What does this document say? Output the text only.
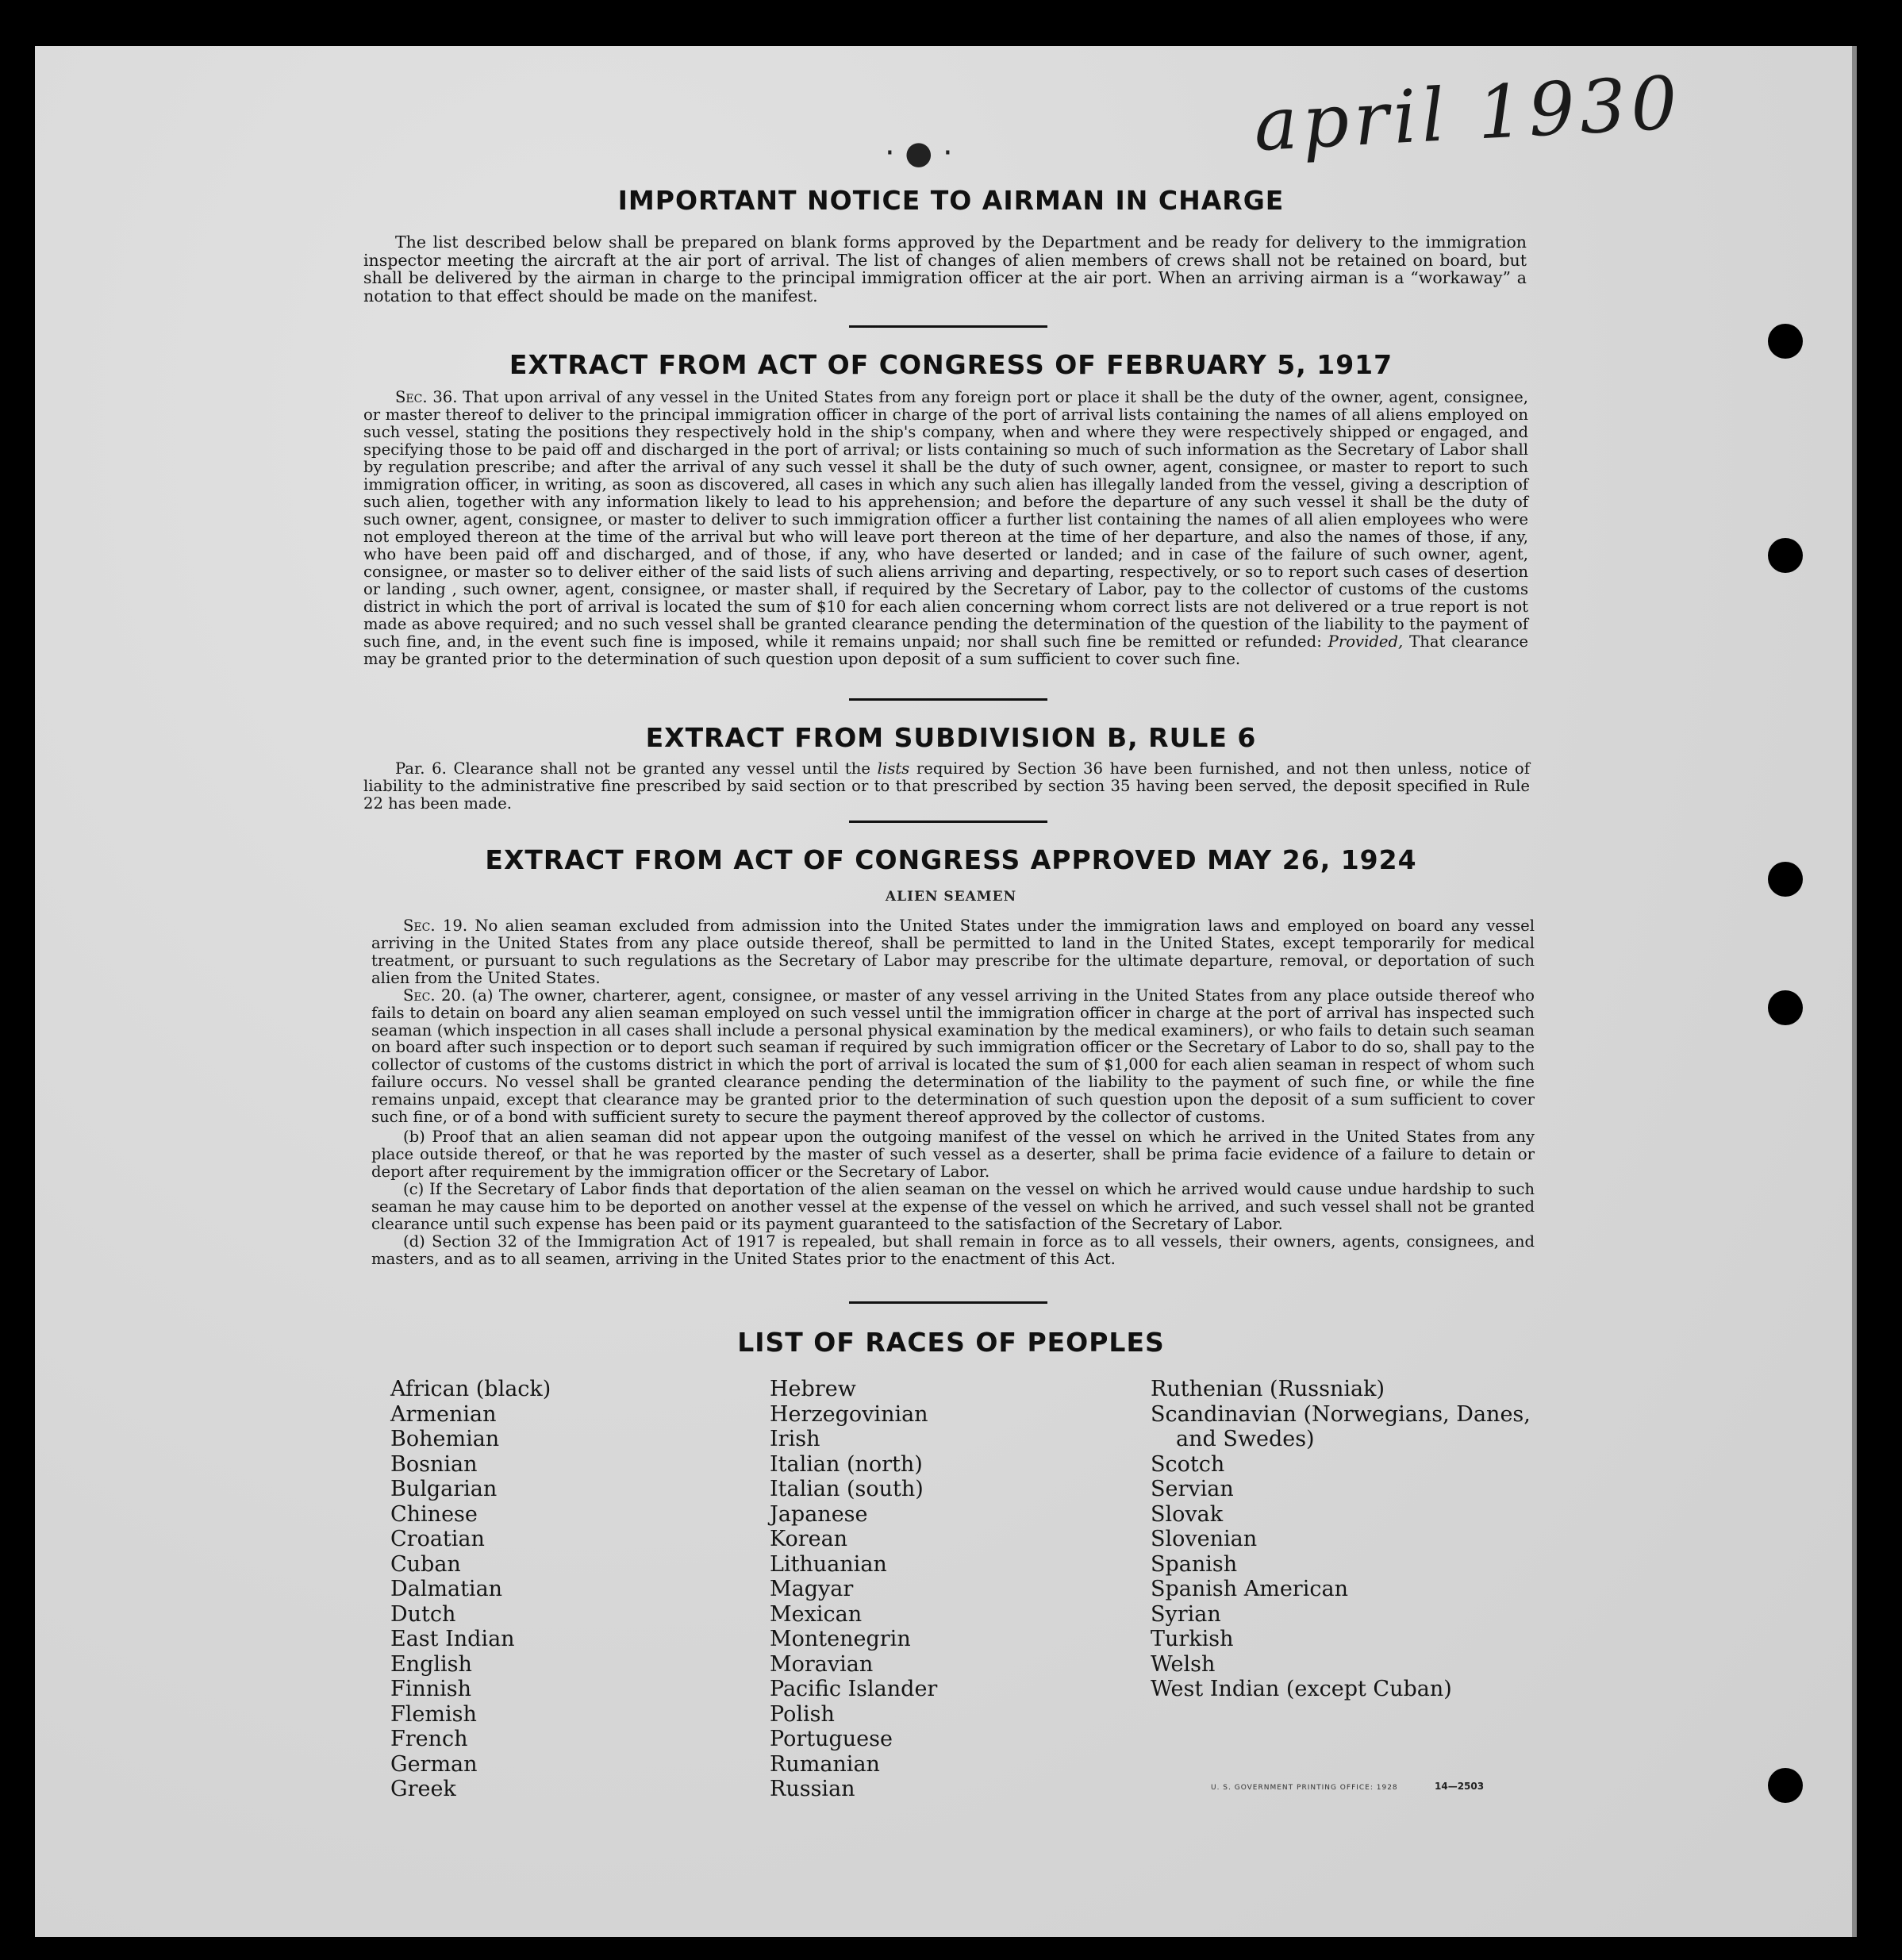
april 1930
· ● ·
IMPORTANT NOTICE TO AIRMAN IN CHARGE

The list described below shall be prepared on blank forms approved by the Department and be ready for delivery to the immigration inspector meeting the aircraft at the air port of arrival. The list of changes of alien members of crews shall not be retained on board, but shall be delivered by the airman in charge to the principal immigration officer at the air port. When an arriving airman is a “workaway” a notation to that effect should be made on the manifest.

EXTRACT FROM ACT OF CONGRESS OF FEBRUARY 5, 1917

Sec. 36. That upon arrival of any vessel in the United States from any foreign port or place it shall be the duty of the owner, agent, consignee, or master thereof to deliver to the principal immigration officer in charge of the port of arrival lists containing the names of all aliens employed on such vessel, stating the positions they respectively hold in the ship's company, when and where they were respectively shipped or engaged, and specifying those to be paid off and discharged in the port of arrival; or lists containing so much of such information as the Secretary of Labor shall by regulation prescribe; and after the arrival of any such vessel it shall be the duty of such owner, agent, consignee, or master to report to such immigration officer, in writing, as soon as discovered, all cases in which any such alien has illegally landed from the vessel, giving a description of such alien, together with any information likely to lead to his apprehension; and before the departure of any such vessel it shall be the duty of such owner, agent, consignee, or master to deliver to such immigration officer a further list containing the names of all alien employees who were not employed thereon at the time of the arrival but who will leave port thereon at the time of her departure, and also the names of those, if any, who have been paid off and discharged, and of those, if any, who have deserted or landed; and in case of the failure of such owner, agent, consignee, or master so to deliver either of the said lists of such aliens arriving and departing, respectively, or so to report such cases of desertion or landing , such owner, agent, consignee, or master shall, if required by the Secretary of Labor, pay to the collector of customs of the customs district in which the port of arrival is located the sum of $10 for each alien concerning whom correct lists are not delivered or a true report is not made as above required; and no such vessel shall be granted clearance pending the determination of the question of the liability to the payment of such fine, and, in the event such fine is imposed, while it remains unpaid; nor shall such fine be remitted or refunded: Provided, That clearance may be granted prior to the determination of such question upon deposit of a sum sufficient to cover such fine.

EXTRACT FROM SUBDIVISION B, RULE 6

Par. 6. Clearance shall not be granted any vessel until the lists required by Section 36 have been furnished, and not then unless, notice of liability to the administrative fine prescribed by said section or to that prescribed by section 35 having been served, the deposit specified in Rule 22 has been made.

EXTRACT FROM ACT OF CONGRESS APPROVED MAY 26, 1924

ALIEN SEAMEN

Sec. 19. No alien seaman excluded from admission into the United States under the immigration laws and employed on board any vessel arriving in the United States from any place outside thereof, shall be permitted to land in the United States, except temporarily for medical treatment, or pursuant to such regulations as the Secretary of Labor may prescribe for the ultimate departure, removal, or deportation of such alien from the United States.

Sec. 20. (a) The owner, charterer, agent, consignee, or master of any vessel arriving in the United States from any place outside thereof who fails to detain on board any alien seaman employed on such vessel until the immigration officer in charge at the port of arrival has inspected such seaman (which inspection in all cases shall include a personal physical examination by the medical examiners), or who fails to detain such seaman on board after such inspection or to deport such seaman if required by such immigration officer or the Secretary of Labor to do so, shall pay to the collector of customs of the customs district in which the port of arrival is located the sum of $1,000 for each alien seaman in respect of whom such failure occurs. No vessel shall be granted clearance pending the determination of the liability to the payment of such fine, or while the fine remains unpaid, except that clearance may be granted prior to the determination of such question upon the deposit of a sum sufficient to cover such fine, or of a bond with sufficient surety to secure the payment thereof approved by the collector of customs.

(b) Proof that an alien seaman did not appear upon the outgoing manifest of the vessel on which he arrived in the United States from any place outside thereof, or that he was reported by the master of such vessel as a deserter, shall be prima facie evidence of a failure to detain or deport after requirement by the immigration officer or the Secretary of Labor.

(c) If the Secretary of Labor finds that deportation of the alien seaman on the vessel on which he arrived would cause undue hardship to such seaman he may cause him to be deported on another vessel at the expense of the vessel on which he arrived, and such vessel shall not be granted clearance until such expense has been paid or its payment guaranteed to the satisfaction of the Secretary of Labor.

(d) Section 32 of the Immigration Act of 1917 is repealed, but shall remain in force as to all vessels, their owners, agents, consignees, and masters, and as to all seamen, arriving in the United States prior to the enactment of this Act.

LIST OF RACES OF PEOPLES
African (black)
Armenian
Bohemian
Bosnian
Bulgarian
Chinese
Croatian
Cuban
Dalmatian
Dutch
East Indian
English
Finnish
Flemish
French
German
Greek
Hebrew
Herzegovinian
Irish
Italian (north)
Italian (south)
Japanese
Korean
Lithuanian
Magyar
Mexican
Montenegrin
Moravian
Pacific Islander
Polish
Portuguese
Rumanian
Russian
Ruthenian (Russniak)
Scandinavian (Norwegians, Danes,
and Swedes)
Scotch
Servian
Slovak
Slovenian
Spanish
Spanish American
Syrian
Turkish
Welsh
West Indian (except Cuban)
U. S. GOVERNMENT PRINTING OFFICE: 1928	14—2503
